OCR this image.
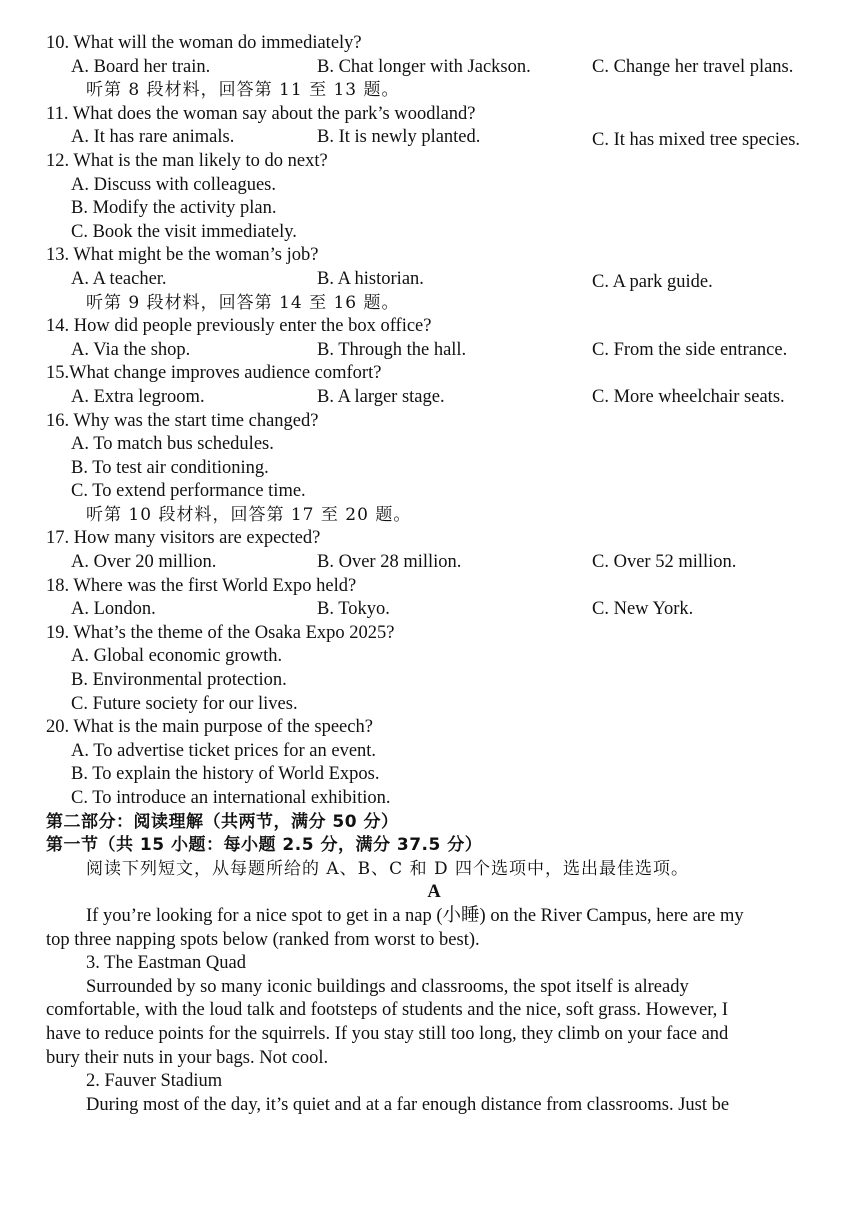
10. What will the woman do immediately?
A. Board her train.	B. Chat longer with Jackson.	C. Change her travel plans.
听第 8 段材料，回答第 11 至 13 题。
11. What does the woman say about the park’s woodland?
A. It has rare animals.	B. It is newly planted.	C. It has mixed tree species.
12. What is the man likely to do next?
A. Discuss with colleagues.
B. Modify the activity plan.
C. Book the visit immediately.
13. What might be the woman’s job?
A. A teacher.	B. A historian.	C. A park guide.
听第 9 段材料，回答第 14 至 16 题。
14. How did people previously enter the box office?
A. Via the shop.	B. Through the hall.	C. From the side entrance.
15.What change improves audience comfort?
A. Extra legroom.	B. A larger stage.	C. More wheelchair seats.
16. Why was the start time changed?
A. To match bus schedules.
B. To test air conditioning.
C. To extend performance time.
听第 10 段材料，回答第 17 至 20 题。
17. How many visitors are expected?
A. Over 20 million.	B. Over 28 million.	C. Over 52 million.
18. Where was the first World Expo held?
A. London.	B. Tokyo.	C. New York.
19. What’s the theme of the Osaka Expo 2025?
A. Global economic growth.
B. Environmental protection.
C. Future society for our lives.
20. What is the main purpose of the speech?
A. To advertise ticket prices for an event.
B. To explain the history of World Expos.
C. To introduce an international exhibition.
第二部分：阅读理解（共两节，满分 50 分）
第一节（共 15 小题：每小题 2.5 分，满分 37.5 分）
阅读下列短文，从每题所给的 A、B、C 和 D 四个选项中，选出最佳选项。
A
If you’re looking for a nice spot to get in a nap (小睡) on the River Campus, here are my
top three napping spots below (ranked from worst to best).
3. The Eastman Quad
Surrounded by so many iconic buildings and classrooms, the spot itself is already
comfortable, with the loud talk and footsteps of students and the nice, soft grass. However, I
have to reduce points for the squirrels. If you stay still too long, they climb on your face and
bury their nuts in your bags. Not cool.
2. Fauver Stadium
During most of the day, it’s quiet and at a far enough distance from classrooms. Just be
